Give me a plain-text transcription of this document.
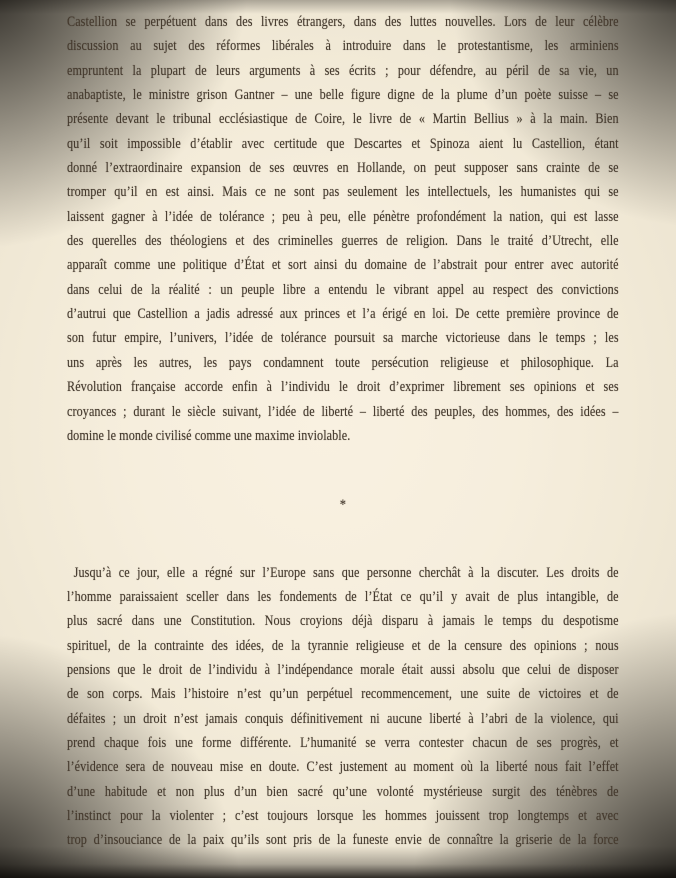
Castellion se perpétuent dans des livres étrangers, dans des luttes nouvelles. Lors de leur célèbre
discussion au sujet des réformes libérales à introduire dans le protestantisme, les arminiens
empruntent la plupart de leurs arguments à ses écrits ; pour défendre, au péril de sa vie, un
anabaptiste, le ministre grison Gantner – une belle figure digne de la plume d’un poète suisse – se
présente devant le tribunal ecclésiastique de Coire, le livre de « Martin Bellius » à la main. Bien
qu’il soit impossible d’établir avec certitude que Descartes et Spinoza aient lu Castellion, étant
donné l’extraordinaire expansion de ses œuvres en Hollande, on peut supposer sans crainte de se
tromper qu’il en est ainsi. Mais ce ne sont pas seulement les intellectuels, les humanistes qui se
laissent gagner à l’idée de tolérance ; peu à peu, elle pénètre profondément la nation, qui est lasse
des querelles des théologiens et des criminelles guerres de religion. Dans le traité d’Utrecht, elle
apparaît comme une politique d’État et sort ainsi du domaine de l’abstrait pour entrer avec autorité
dans celui de la réalité : un peuple libre a entendu le vibrant appel au respect des convictions
d’autrui que Castellion a jadis adressé aux princes et l’a érigé en loi. De cette première province de
son futur empire, l’univers, l’idée de tolérance poursuit sa marche victorieuse dans le temps ; les
uns après les autres, les pays condamnent toute persécution religieuse et philosophique. La
Révolution française accorde enfin à l’individu le droit d’exprimer librement ses opinions et ses
croyances ; durant le siècle suivant, l’idée de liberté – liberté des peuples, des hommes, des idées –
domine le monde civilisé comme une maxime inviolable.
*
Jusqu’à ce jour, elle a régné sur l’Europe sans que personne cherchât à la discuter. Les droits de
l’homme paraissaient sceller dans les fondements de l’État ce qu’il y avait de plus intangible, de
plus sacré dans une Constitution. Nous croyions déjà disparu à jamais le temps du despotisme
spirituel, de la contrainte des idées, de la tyrannie religieuse et de la censure des opinions ; nous
pensions que le droit de l’individu à l’indépendance morale était aussi absolu que celui de disposer
de son corps. Mais l’histoire n’est qu’un perpétuel recommencement, une suite de victoires et de
défaites ; un droit n’est jamais conquis définitivement ni aucune liberté à l’abri de la violence, qui
prend chaque fois une forme différente. L’humanité se verra contester chacun de ses progrès, et
l’évidence sera de nouveau mise en doute. C’est justement au moment où la liberté nous fait l’effet
d’une habitude et non plus d’un bien sacré qu’une volonté mystérieuse surgit des ténèbres de
l’instinct pour la violenter ; c’est toujours lorsque les hommes jouissent trop longtemps et avec
trop d’insouciance de la paix qu’ils sont pris de la funeste envie de connaître la griserie de la force
